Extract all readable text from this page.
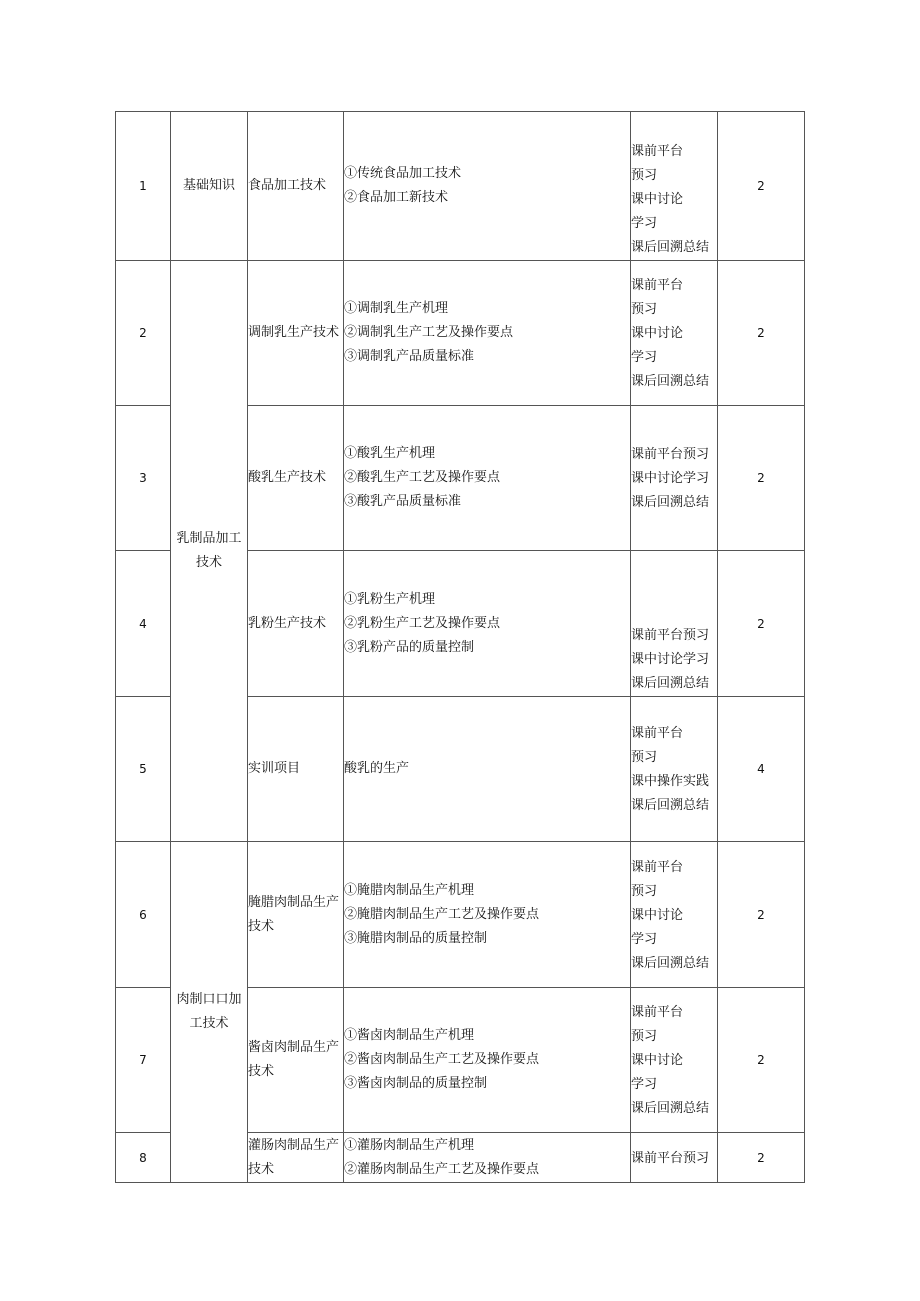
1	基础知识	食品加工技术	①传统食品加工技术
②食品加工新技术	课前平台
预习
课中讨论
学习
课后回溯总结	2
2	乳制品加工技术	调制乳生产技术	①调制乳生产机理
②调制乳生产工艺及操作要点
③调制乳产品质量标准	课前平台
预习
课中讨论
学习
课后回溯总结	2
3		酸乳生产技术	①酸乳生产机理
②酸乳生产工艺及操作要点
③酸乳产品质量标准	课前平台预习
课中讨论学习
课后回溯总结	2
4		乳粉生产技术	①乳粉生产机理
②乳粉生产工艺及操作要点
③乳粉产品的质量控制	课前平台预习
课中讨论学习
课后回溯总结	2
5		实训项目	酸乳的生产	课前平台
预习
课中操作实践
课后回溯总结	4
6	肉制口口加工技术	腌腊肉制品生产技术	①腌腊肉制品生产机理
②腌腊肉制品生产工艺及操作要点
③腌腊肉制品的质量控制	课前平台
预习
课中讨论
学习
课后回溯总结	2
7		酱卤肉制品生产技术	①酱卤肉制品生产机理
②酱卤肉制品生产工艺及操作要点
③酱卤肉制品的质量控制	课前平台
预习
课中讨论
学习
课后回溯总结	2
8		灌肠肉制品生产技术	①灌肠肉制品生产机理
②灌肠肉制品生产工艺及操作要点	课前平台预习	2
